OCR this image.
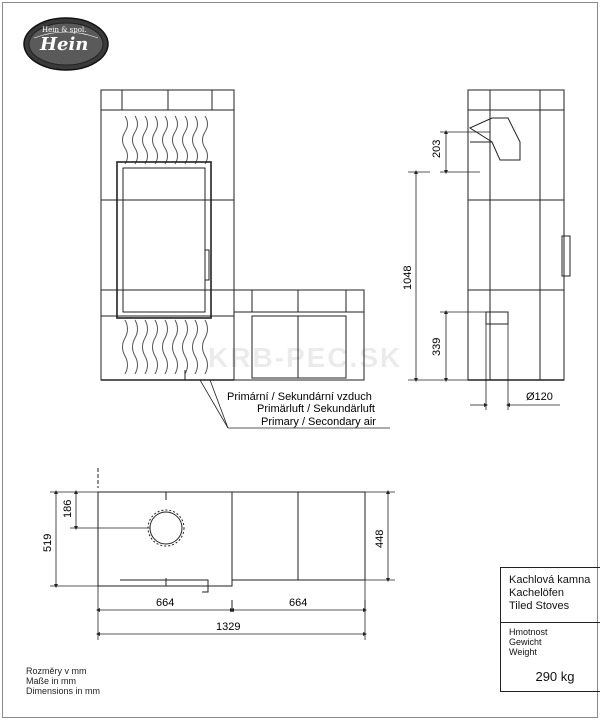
Hein & spol.
Hein
203
1048
339
Ø120
186
519	448
664	664
1329
Primární / Sekundární vzduch
Primärluft / Sekundärluft
Primary / Secondary air
KRB-PEC.SK
Kachlová kamna
Kachelöfen
Tiled Stoves
Hmotnost
Gewicht
Weight
290 kg
Rozměry v mm
Maße in mm
Dimensions in mm
